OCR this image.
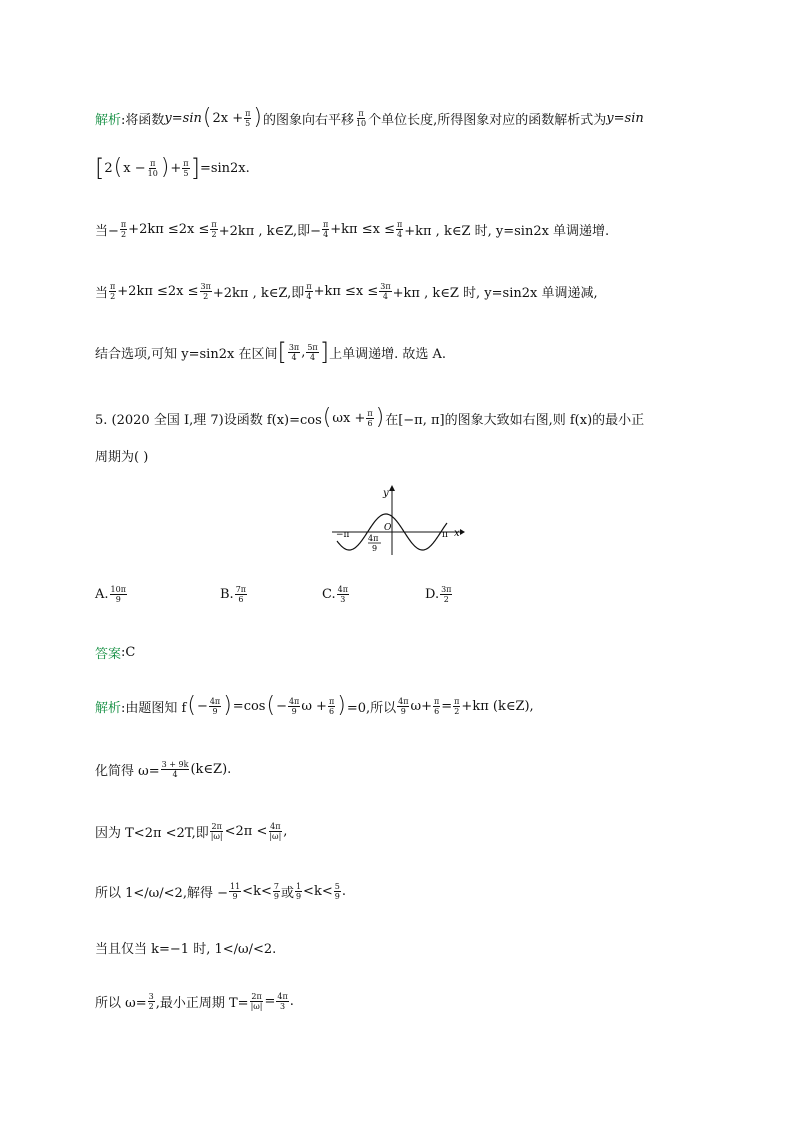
解析 :将函数 y=sin ( $2x + \frac{\pi}{5}$ ) 的图象向右平移 $\frac{\pi}{10}$ 个单位长度,所得图象对应的函数解析式为 y=sin
[ 2 ( $x - \frac{\pi}{10}$ ) + $\frac{\pi}{5}$ ] =sin2x.
当− $\frac{\pi}{2} +2k\pi \le 2x \le \frac{\pi}{2} +2k\pi$ , k∈Z,即− $\frac{\pi}{4} +k\pi \le x \le \frac{\pi}{4} +k\pi$ , k∈Z 时, y=sin2x 单调递增.
当 $\frac{\pi}{2} +2k\pi \le 2x \le \frac{3\pi}{2} +2k\pi$ , k∈Z,即 $\frac{\pi}{4} +k\pi \le x \le \frac{3\pi}{4} +k\pi$ , k∈Z 时, y=sin2x 单调递减,
结合选项,可知 y=sin2x 在区间 [ $\frac{3\pi}{4}$ , $\frac{5\pi}{4}$ ] 上单调递增. 故选 A.
5. (2020 全国 Ⅰ,理 7)设函数 f(x)=cos ( $\omega x + \frac{\pi}{6}$ ) 在[−π, π]的图象大致如右图,则 f(x)的最小正
周期为( )
y
x
O
−π	π
4π
9
A. $\frac{10\pi}{9}$	B. $\frac{7\pi}{6}$	C. $\frac{4\pi}{3}$	D. $\frac{3\pi}{2}$
答案 :C
解析 :由题图知 f ( − $\frac{4\pi}{9}$ ) =cos ( − $\frac{4\pi}{9}$ $\omega + \frac{\pi}{6}$ ) =0,所以 $\frac{4\pi}{9} \omega+ \frac{\pi}{6} = \frac{\pi}{2} +k\pi$ (k∈Z),
化简得 $\omega= \frac{3 + 9k}{4}$ (k∈Z).
因为 T<2π <2T,即 $\frac{2\pi}{|\omega|} <2\pi < \frac{4\pi}{|\omega|}$ ,
所以 1</ω/<2,解得 − $\frac{11}{9} <k< \frac{7}{9}$ 或 $\frac{1}{9} <k< \frac{5}{9}$ .
当且仅当 k=−1 时, 1</ω/<2.
所以 $\omega= \frac{3}{2}$ ,最小正周期 $T= \frac{2\pi}{|\omega|} = \frac{4\pi}{3}$ .
